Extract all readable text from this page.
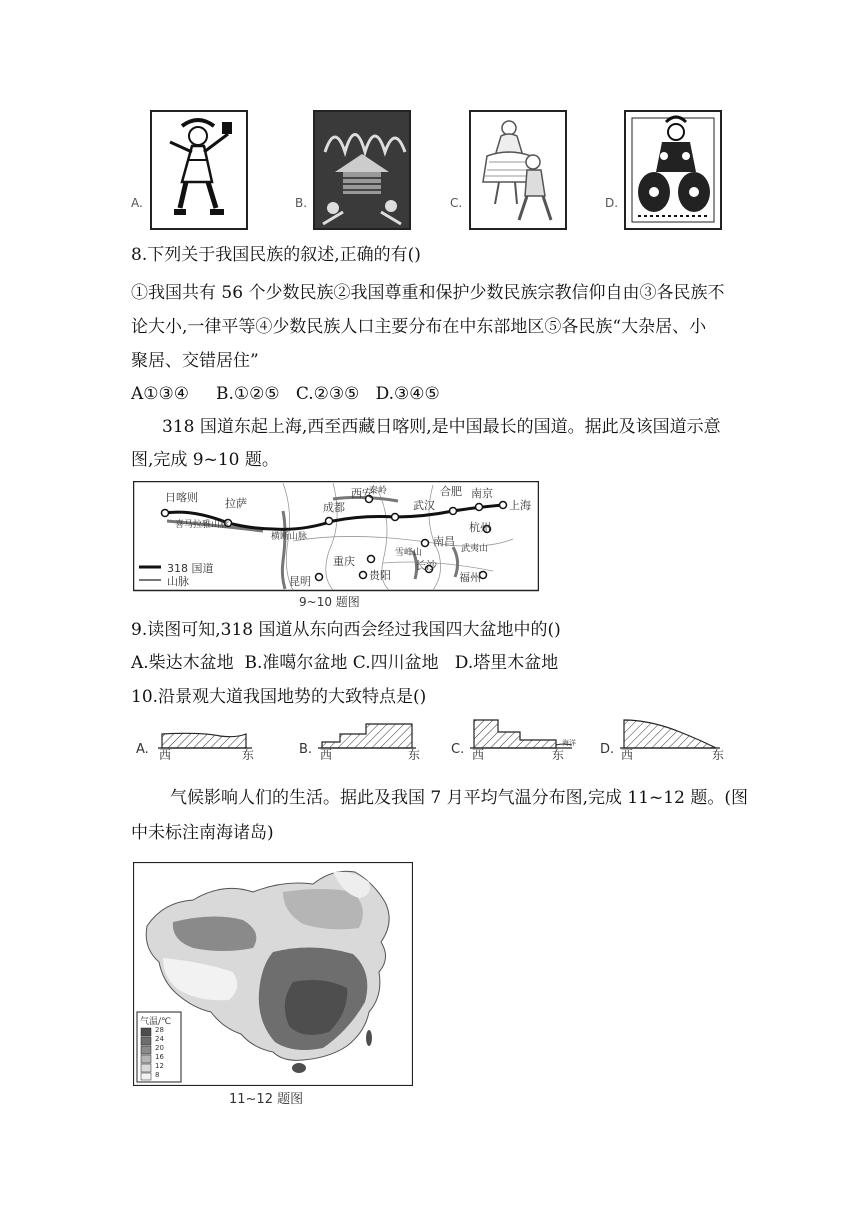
A.	B.	C.	D.
8.下列关于我国民族的叙述,正确的有()
①我国共有 56 个少数民族②我国尊重和保护少数民族宗教信仰自由③各民族不
论大小,一律平等④少数民族人口主要分布在中东部地区⑤各民族“大杂居、小
聚居、交错居住”
A①③④     B.①②⑤   C.②③⑤   D.③④⑤
318 国道东起上海,西至西藏日喀则,是中国最长的国道。据此及该国道示意
图,完成 9~10 题。
日喀则 拉萨
西安
成都
合肥 南京
武汉	上海
重庆
南昌
杭州
长沙
贵阳
昆明	福州
喜马拉雅山脉
横断山脉
秦岭
雪峰山	武夷山
318 国道
山脉
9~10 题图
9.读图可知,318 国道从东向西会经过我国四大盆地中的()
A.柴达木盆地  B.准噶尔盆地 C.四川盆地   D.塔里木盆地
10.沿景观大道我国地势的大致特点是()
A. 西	东	B. 西	东 C. 西	东
海洋 D. 西	东
气候影响人们的生活。据此及我国 7 月平均气温分布图,完成 11~12 题。(图
中未标注南海诸岛)
气温/℃
28
24
20
16
12
8
11~12 题图
